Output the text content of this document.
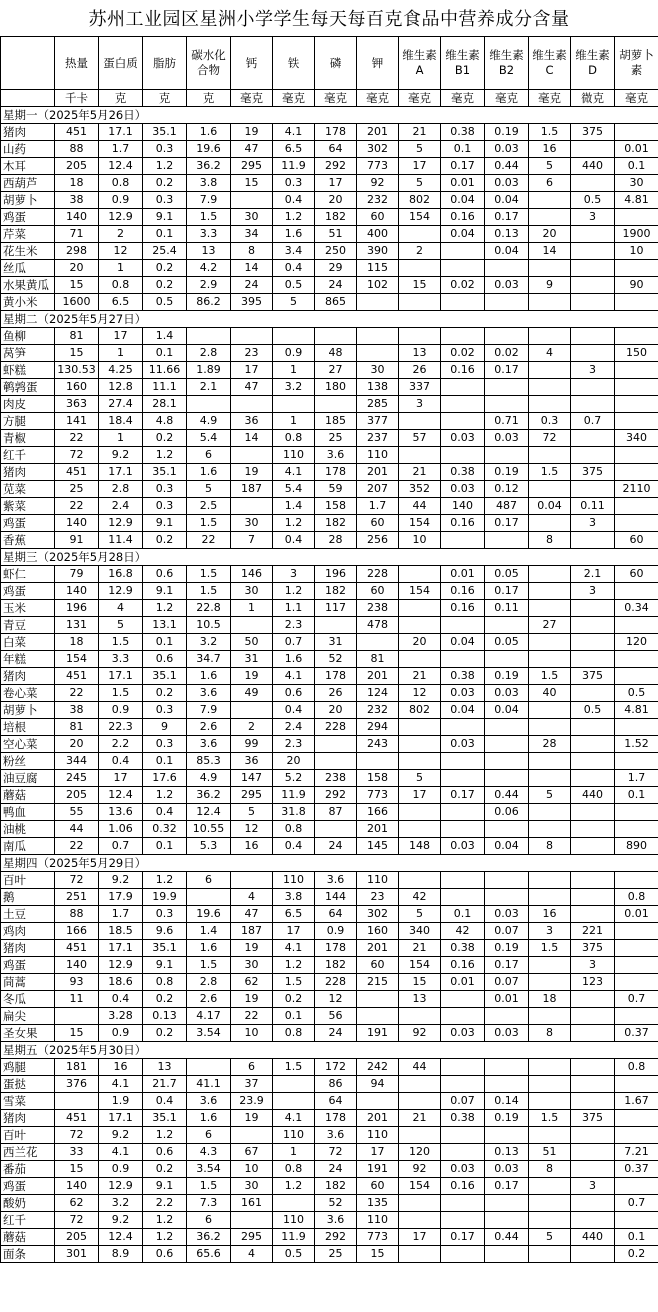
苏州工业园区星洲小学学生每天每百克食品中营养成分含量
	热量	蛋白质	脂肪	碳水化合物	钙	铁	磷	钾	维生素A	维生素B1	维生素B2	维生素C	维生素D	胡萝卜素
	千卡	克	克	克	毫克	毫克	毫克	毫克	毫克	毫克	毫克	毫克	微克	毫克
星期一（2025年5月26日）														
猪肉	451	17.1	35.1	1.6	19	4.1	178	201	21	0.38	0.19	1.5	375	
山药	88	1.7	0.3	19.6	47	6.5	64	302	5	0.1	0.03	16		0.01
木耳	205	12.4	1.2	36.2	295	11.9	292	773	17	0.17	0.44	5	440	0.1
西葫芦	18	0.8	0.2	3.8	15	0.3	17	92	5	0.01	0.03	6		30
胡萝卜	38	0.9	0.3	7.9		0.4	20	232	802	0.04	0.04		0.5	4.81
鸡蛋	140	12.9	9.1	1.5	30	1.2	182	60	154	0.16	0.17		3	
芹菜	71	2	0.1	3.3	34	1.6	51	400		0.04	0.13	20		1900
花生米	298	12	25.4	13	8	3.4	250	390	2		0.04	14		10
丝瓜	20	1	0.2	4.2	14	0.4	29	115						
水果黄瓜	15	0.8	0.2	2.9	24	0.5	24	102	15	0.02	0.03	9		90
黄小米	1600	6.5	0.5	86.2	395	5	865							
星期二（2025年5月27日）														
鱼柳	81	17	1.4											
莴笋	15	1	0.1	2.8	23	0.9	48		13	0.02	0.02	4		150
虾糕	130.53	4.25	11.66	1.89	17	1	27	30	26	0.16	0.17		3	
鹌鹑蛋	160	12.8	11.1	2.1	47	3.2	180	138	337					
肉皮	363	27.4	28.1					285	3					
方腿	141	18.4	4.8	4.9	36	1	185	377			0.71	0.3	0.7	
青椒	22	1	0.2	5.4	14	0.8	25	237	57	0.03	0.03	72		340
红千	72	9.2	1.2	6		110	3.6	110						
猪肉	451	17.1	35.1	1.6	19	4.1	178	201	21	0.38	0.19	1.5	375	
苋菜	25	2.8	0.3	5	187	5.4	59	207	352	0.03	0.12			2110
紫菜	22	2.4	0.3	2.5		1.4	158	1.7	44	140	487	0.04	0.11	
鸡蛋	140	12.9	9.1	1.5	30	1.2	182	60	154	0.16	0.17		3	
香蕉	91	11.4	0.2	22	7	0.4	28	256	10			8		60
星期三（2025年5月28日）														
虾仁	79	16.8	0.6	1.5	146	3	196	228		0.01	0.05		2.1	60
鸡蛋	140	12.9	9.1	1.5	30	1.2	182	60	154	0.16	0.17		3	
玉米	196	4	1.2	22.8	1	1.1	117	238		0.16	0.11			0.34
青豆	131	5	13.1	10.5		2.3		478				27		
白菜	18	1.5	0.1	3.2	50	0.7	31		20	0.04	0.05			120
年糕	154	3.3	0.6	34.7	31	1.6	52	81						
猪肉	451	17.1	35.1	1.6	19	4.1	178	201	21	0.38	0.19	1.5	375	
卷心菜	22	1.5	0.2	3.6	49	0.6	26	124	12	0.03	0.03	40		0.5
胡萝卜	38	0.9	0.3	7.9		0.4	20	232	802	0.04	0.04		0.5	4.81
培根	81	22.3	9	2.6	2	2.4	228	294						
空心菜	20	2.2	0.3	3.6	99	2.3		243		0.03		28		1.52
粉丝	344	0.4	0.1	85.3	36	20								
油豆腐	245	17	17.6	4.9	147	5.2	238	158	5					1.7
蘑菇	205	12.4	1.2	36.2	295	11.9	292	773	17	0.17	0.44	5	440	0.1
鸭血	55	13.6	0.4	12.4	5	31.8	87	166			0.06			
油桃	44	1.06	0.32	10.55	12	0.8		201						
南瓜	22	0.7	0.1	5.3	16	0.4	24	145	148	0.03	0.04	8		890
星期四（2025年5月29日）														
百叶	72	9.2	1.2	6		110	3.6	110						
鹅	251	17.9	19.9		4	3.8	144	23	42					0.8
土豆	88	1.7	0.3	19.6	47	6.5	64	302	5	0.1	0.03	16		0.01
鸡肉	166	18.5	9.6	1.4	187	17	0.9	160	340	42	0.07	3	221	
猪肉	451	17.1	35.1	1.6	19	4.1	178	201	21	0.38	0.19	1.5	375	
鸡蛋	140	12.9	9.1	1.5	30	1.2	182	60	154	0.16	0.17		3	
茼蒿	93	18.6	0.8	2.8	62	1.5	228	215	15	0.01	0.07		123	
冬瓜	11	0.4	0.2	2.6	19	0.2	12		13		0.01	18		0.7
扁尖		3.28	0.13	4.17	22	0.1	56							
圣女果	15	0.9	0.2	3.54	10	0.8	24	191	92	0.03	0.03	8		0.37
星期五（2025年5月30日）														
鸡腿	181	16	13		6	1.5	172	242	44					0.8
蛋挞	376	4.1	21.7	41.1	37		86	94						
雪菜		1.9	0.4	3.6	23.9		64			0.07	0.14			1.67
猪肉	451	17.1	35.1	1.6	19	4.1	178	201	21	0.38	0.19	1.5	375	
百叶	72	9.2	1.2	6		110	3.6	110						
西兰花	33	4.1	0.6	4.3	67	1	72	17	120		0.13	51		7.21
番茄	15	0.9	0.2	3.54	10	0.8	24	191	92	0.03	0.03	8		0.37
鸡蛋	140	12.9	9.1	1.5	30	1.2	182	60	154	0.16	0.17		3	
酸奶	62	3.2	2.2	7.3	161		52	135						0.7
红千	72	9.2	1.2	6		110	3.6	110						
蘑菇	205	12.4	1.2	36.2	295	11.9	292	773	17	0.17	0.44	5	440	0.1
面条	301	8.9	0.6	65.6	4	0.5	25	15						0.2
